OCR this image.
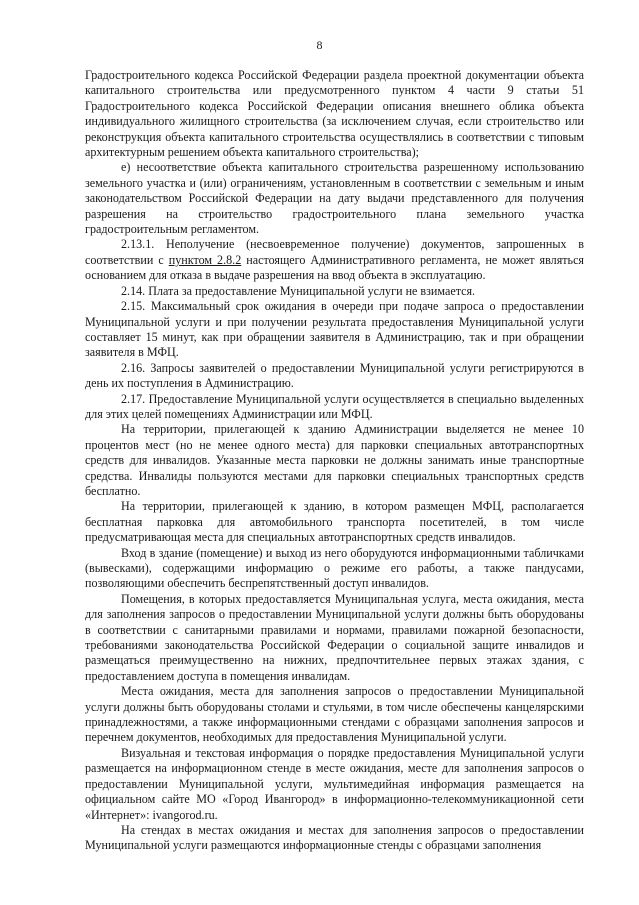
8

Градостроительного кодекса Российской Федерации раздела проектной документации объекта капитального строительства или предусмотренного пунктом 4 части 9 статьи 51 Градостроительного кодекса Российской Федерации описания внешнего облика объекта индивидуального жилищного строительства (за исключением случая, если строительство или реконструкция объекта капитального строительства осуществлялись в соответствии с типовым архитектурным решением объекта капитального строительства);

е) несоответствие объекта капитального строительства разрешенному использованию земельного участка и (или) ограничениям, установленным в соответствии с земельным и иным законодательством Российской Федерации на дату выдачи представленного для получения разрешения на строительство градостроительного плана земельного участка градостроительным регламентом.

2.13.1. Неполучение (несвоевременное получение) документов, запрошенных в соответствии с пунктом 2.8.2 настоящего Административного регламента, не может являться основанием для отказа в выдаче разрешения на ввод объекта в эксплуатацию.

2.14. Плата за предоставление Муниципальной услуги не взимается.

2.15. Максимальный срок ожидания в очереди при подаче запроса о предоставлении Муниципальной услуги и при получении результата предоставления Муниципальной услуги составляет 15 минут, как при обращении заявителя в Администрацию, так и при обращении заявителя в МФЦ.

2.16. Запросы заявителей о предоставлении Муниципальной услуги регистрируются в день их поступления в Администрацию.

2.17. Предоставление Муниципальной услуги осуществляется в специально выделенных для этих целей помещениях Администрации или МФЦ.

На территории, прилегающей к зданию Администрации выделяется не менее 10 процентов мест (но не менее одного места) для парковки специальных автотранспортных средств для инвалидов. Указанные места парковки не должны занимать иные транспортные средства. Инвалиды пользуются местами для парковки специальных транспортных средств бесплатно.

На территории, прилегающей к зданию, в котором размещен МФЦ, располагается бесплатная парковка для автомобильного транспорта посетителей, в том числе предусматривающая места для специальных автотранспортных средств инвалидов.

Вход в здание (помещение) и выход из него оборудуются информационными табличками (вывесками), содержащими информацию о режиме его работы, а также пандусами, позволяющими обеспечить беспрепятственный доступ инвалидов.

Помещения, в которых предоставляется Муниципальная услуга, места ожидания, места для заполнения запросов о предоставлении Муниципальной услуги должны быть оборудованы в соответствии с санитарными правилами и нормами, правилами пожарной безопасности, требованиями законодательства Российской Федерации о социальной защите инвалидов и размещаться преимущественно на нижних, предпочтительнее первых этажах здания, с предоставлением доступа в помещения инвалидам.

Места ожидания, места для заполнения запросов о предоставлении Муниципальной услуги должны быть оборудованы столами и стульями, в том числе обеспечены канцелярскими принадлежностями, а также информационными стендами с образцами заполнения запросов и перечнем документов, необходимых для предоставления Муниципальной услуги.

Визуальная и текстовая информация о порядке предоставления Муниципальной услуги размещается на информационном стенде в месте ожидания, месте для заполнения запросов о предоставлении Муниципальной услуги, мультимедийная информация размещается на официальном сайте МО «Город Ивангород» в информационно-телекоммуникационной сети «Интернет»: ivangorod.ru.

На стендах в местах ожидания и местах для заполнения запросов о предоставлении Муниципальной услуги размещаются информационные стенды с образцами заполнения
